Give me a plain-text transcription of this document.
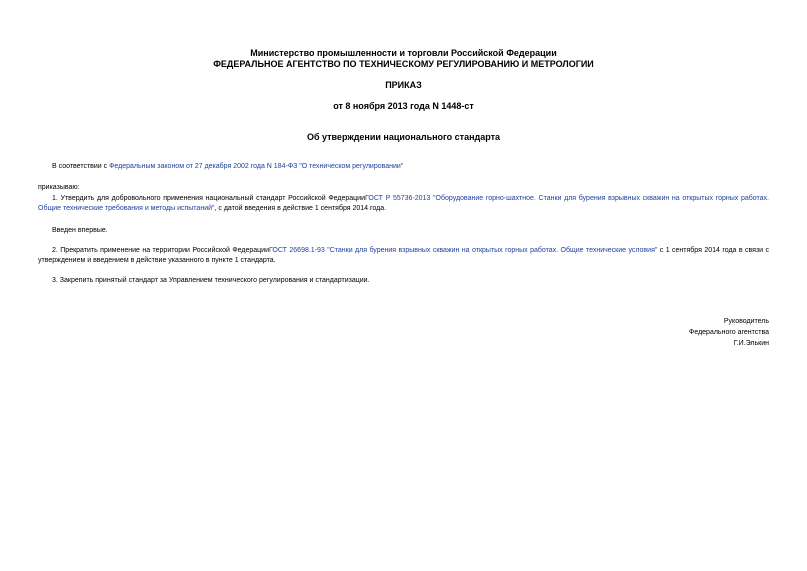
Министерство промышленности и торговли Российской Федерации
ФЕДЕРАЛЬНОЕ АГЕНТСТВО ПО ТЕХНИЧЕСКОМУ РЕГУЛИРОВАНИЮ И МЕТРОЛОГИИ
ПРИКАЗ
от 8 ноября 2013 года N 1448-ст
Об утверждении национального стандарта
В соответствии с Федеральным законом от 27 декабря 2002 года N 184-ФЗ "О техническом регулировании"
приказываю:
1. Утвердить для добровольного применения национальный стандарт Российской ФедерацииГОСТ Р 55736-2013 "Оборудование горно-шахтное. Станки для бурения взрывных скважин на открытых горных работах. Общие технические требования и методы испытаний", с датой введения в действие 1 сентября 2014 года.
Введен впервые.
2. Прекратить применение на территории Российской ФедерацииГОСТ 26698.1-93 "Станки для бурения взрывных скважин на открытых горных работах. Общие технические условия" с 1 сентября 2014 года в связи с утверждением и введением в действие указанного в пункте 1 стандарта.
3. Закрепить принятый стандарт за Управлением технического регулирования и стандартизации.
Руководитель
Федерального агентства
Г.И.Элькин
